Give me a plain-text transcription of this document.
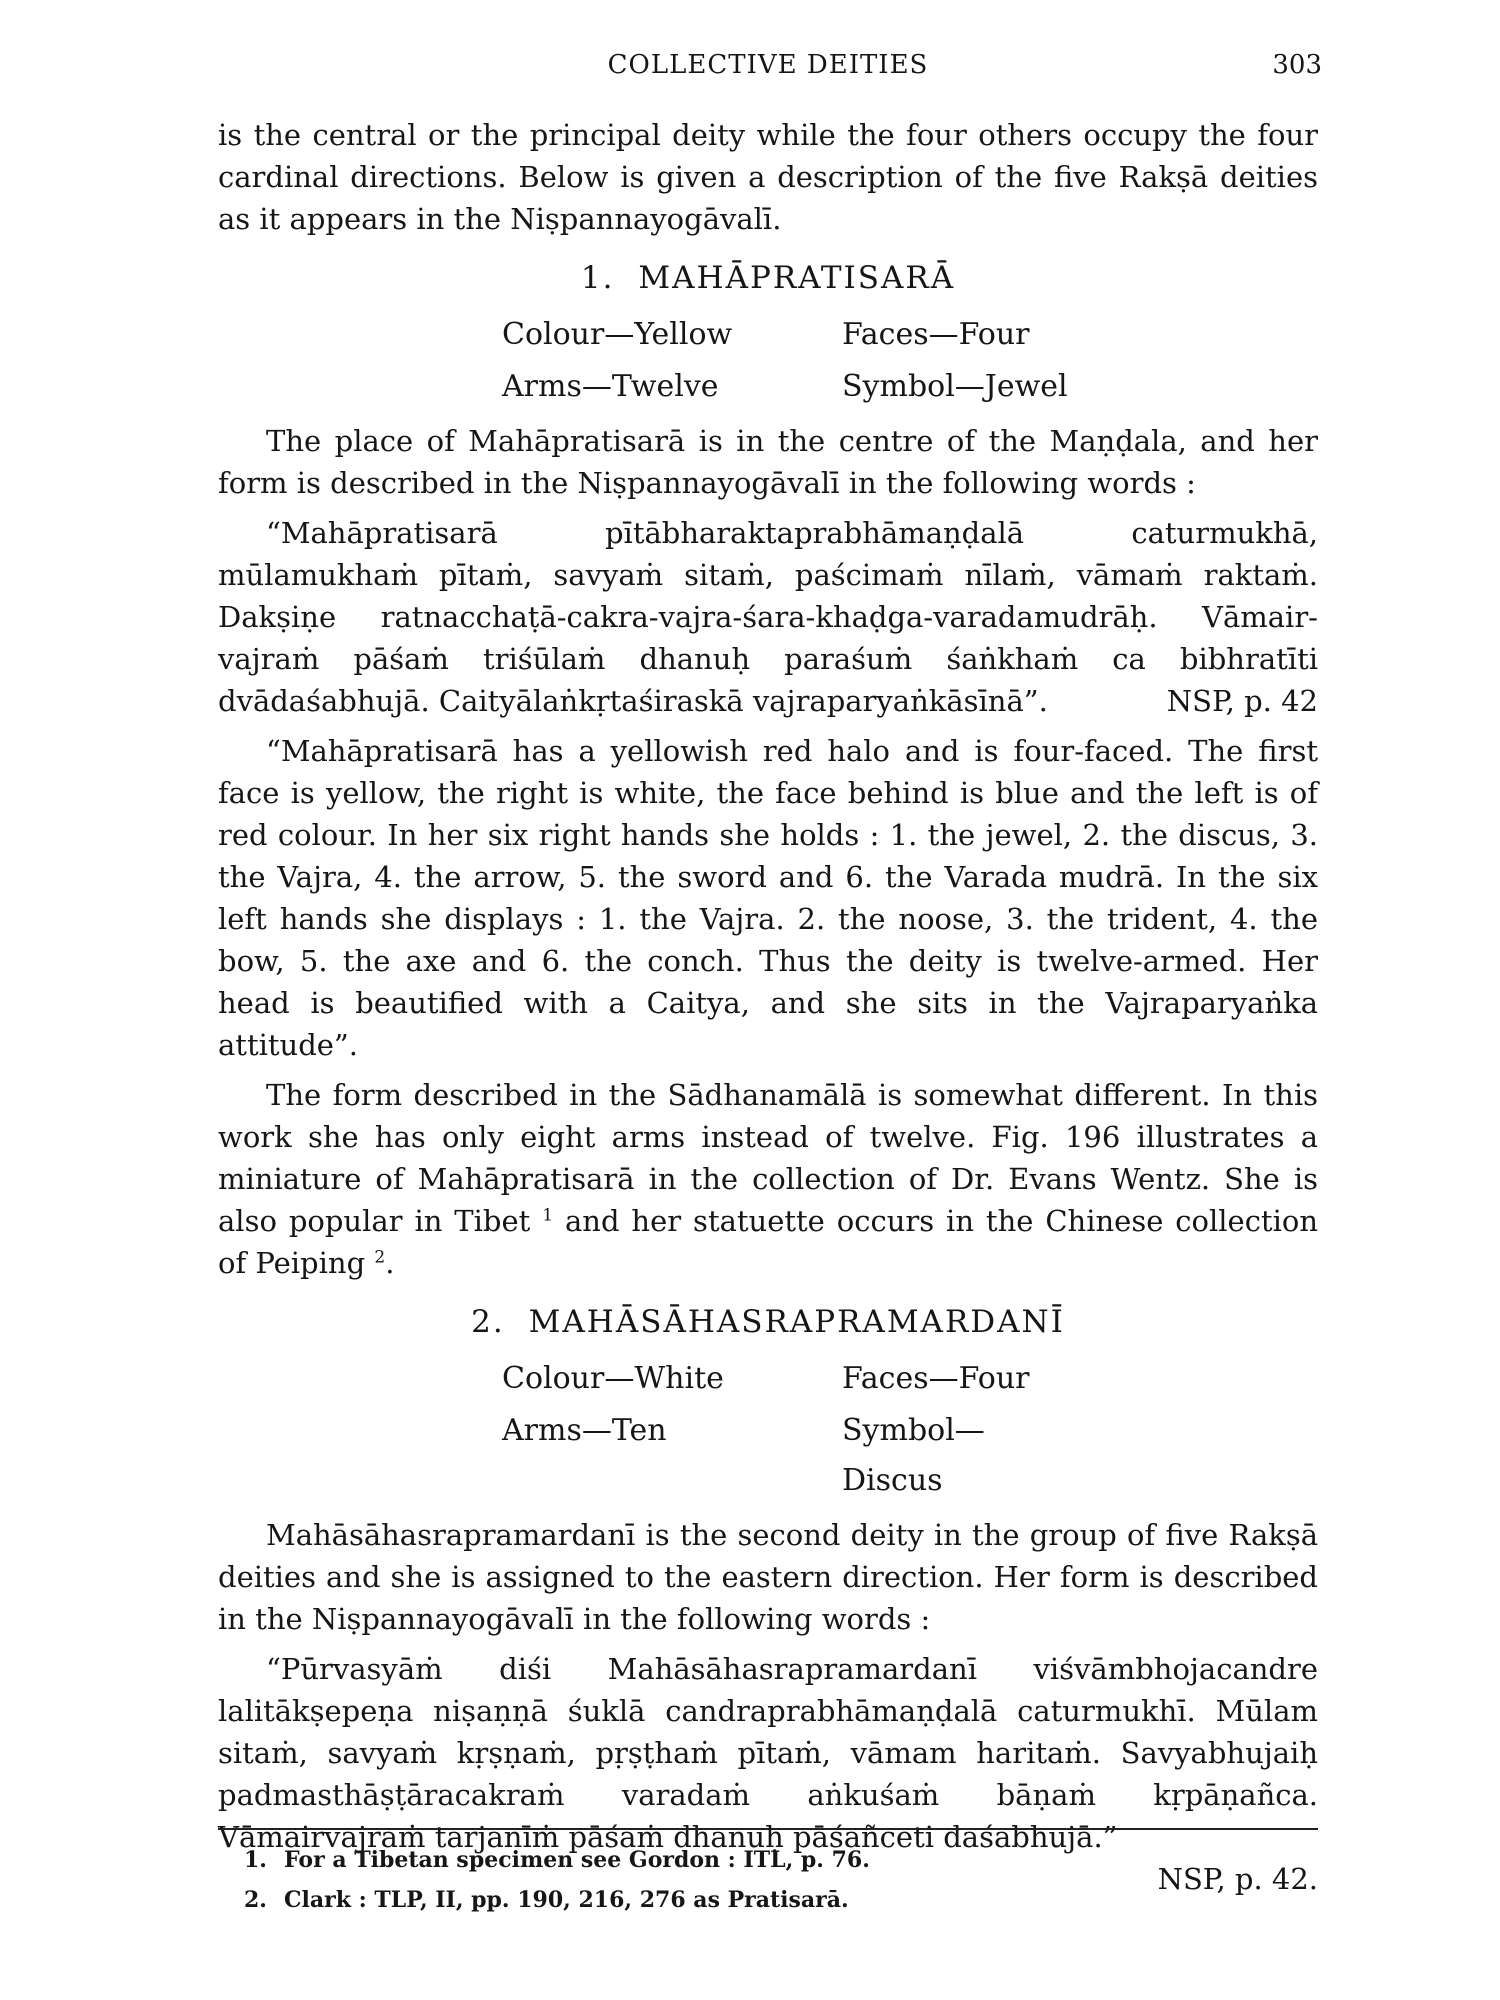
COLLECTIVE DEITIES	303

is the central or the principal deity while the four others occupy the four cardinal directions. Below is given a description of the five Rakṣā deities as it appears in the Niṣpannayogāvalī.

1. MAHĀPRATISARĀ
Colour—Yellow	Faces—Four
Arms—Twelve	Symbol—Jewel

The place of Mahāpratisarā is in the centre of the Maṇḍala, and her form is described in the Niṣpannayogāvalī in the following words :

“Mahāpratisarā pītābharaktaprabhāmaṇḍalā caturmukhā, mūlamukhaṁ pītaṁ, savyaṁ sitaṁ, paścimaṁ nīlaṁ, vāmaṁ raktaṁ. Dakṣiṇe ratnacchaṭā-cakra-vajra-śara-khaḍga-varadamudrāḥ. Vāmair-vajraṁ pāśaṁ triśūlaṁ dhanuḥ paraśuṁ śaṅkhaṁ ca bibhratīti dvādaśabhujā. Caityālaṅkṛtaśiraskā vajraparyaṅkāsīnā”.	NSP, p. 42

“Mahāpratisarā has a yellowish red halo and is four-faced. The first face is yellow, the right is white, the face behind is blue and the left is of red colour. In her six right hands she holds : 1. the jewel, 2. the discus, 3. the Vajra, 4. the arrow, 5. the sword and 6. the Varada mudrā. In the six left hands she displays : 1. the Vajra. 2. the noose, 3. the trident, 4. the bow, 5. the axe and 6. the conch. Thus the deity is twelve-armed. Her head is beautified with a Caitya, and she sits in the Vajraparyaṅka attitude”.

The form described in the Sādhanamālā is somewhat different. In this work she has only eight arms instead of twelve. Fig. 196 illustrates a miniature of Mahāpratisarā in the collection of Dr. Evans Wentz. She is also popular in Tibet $^1$ and her statuette occurs in the Chinese collection of Peiping $^2$.

2. MAHĀSĀHASRAPRAMARDANĪ
Colour—White	Faces—Four
Arms—Ten	Symbol—Discus

Mahāsāhasrapramardanī is the second deity in the group of five Rakṣā deities and she is assigned to the eastern direction. Her form is described in the Niṣpannayogāvalī in the following words :

“Pūrvasyāṁ diśi Mahāsāhasrapramardanī viśvāmbhojacandre lalitākṣepeṇa niṣaṇṇā śuklā candraprabhāmaṇḍalā caturmukhī. Mūlam sitaṁ, savyaṁ kṛṣṇaṁ, pṛṣṭhaṁ pītaṁ, vāmam haritaṁ. Savyabhujaiḥ padmasthāṣṭāracakraṁ varadaṁ aṅkuśaṁ bāṇaṁ kṛpāṇañca. Vāmairvajraṁ tarjanīṁ pāśaṁ dhanuḥ pāśañceti daśabhujā.”
NSP, p. 42.

1. For a Tibetan specimen see Gordon : ITL, p. 76.
2. Clark : TLP, II, pp. 190, 216, 276 as Pratisarā.
